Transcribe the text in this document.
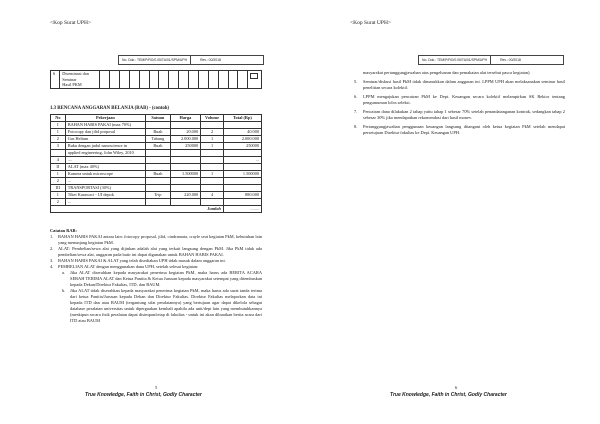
<Kop Surat UPH>
No. Dok.: TEM/P/RO/0.05/TA/01/SPM/UPH	Rev.: 00/2018
6	Diseminasi dan Seminar
Hasil PKM

1.3 RENCANA ANGGARAN BELANJA (RAB) - (contoh)
No	Pekerjaan	Satuan	Harga	Volume	Total (Rp)
I	BAHAN HABIS PAKAI (max 70%)				
1	Fotocopy dan jilid proposal	Buah	20.000	2	40.000
2	Gas Helium	Tabung	2.000.000	1	2.000.000
3	Buku dengan judul nanoscience in	Buah	250000	1	250000
	applied engineering, John Wiley, 2010				
4	....				...
II	ALAT (max 40%)				
1	Kamera untuk microscope	Buah	1.500000	1	1.500000
2	...				
III	TRANSPORTASI (30%)				
1	Tiket Karawaci - UI depok	Trip	220.000	4	880.000
2	...				
Jumlah					........

Catatan RAB:

1.	BAHAN HABIS PAKAI antara lain: fotocopy proposal, jilid, cindramata, crayle seat kegiatan PkM, kebutuhan lain yang menunjang kegiatan PkM.
2.	ALAT: Pembelian/sewa alat yang dijinkan adalah alat yang terkait langsung dengan PkM. Jika PkM tidak ada pembelian/sewa alat, anggaran pada butir ini dapat digunakan untuk BAHAN HABIS PAKAI.
3.	BAHAN HABIS PAKAI & ALAT yang telah disediakan UPH tidak masuk dalam anggaran ini.
4.	PEMBELIAN ALAT dengan menggunakan dana UPH, setelah selesai kegiatan:
a.	Jika ALAT diserahkan kepada masyarakat penerima kegiatan PkM, maka harus ada BERITA ACARA SERAH TERIMA ALAT dan Ketua Panitia & Ketua Jurusan kepada masyarakat setempat yang ditembuskan kepada Dekan/Direktur Fakultas, ITD, dan BAUM.
b.	Jika ALAT tidak diserahkan kepada masyarakat penerima kegiatan PkM, maka harus ada surat tanda terima dari ketua Panitia/Jurusan kepada Dekan dan Direktur Fakultas. Direktur Fakultas melaporkan data ini kepada ITD dan atau BAUM (tergantung sifat peralatannya) yang bertujuan agar dapat dikelola sebagai database peralatan universitas untuk diperguakan kembali apabila ada unit/dept lain yang membutuhkannya (meskipun secara fisik peralatan dapat disimpan/tetap di fakultas - untuk ini akan dibuatkan berita acara dari ITD atau BAUM
5
True Knowledge, Faith in Christ, Godly Character
<Kop Surat UPH>
No. Dok.: TEM/P/RO/0.05/TA/01/SPM/UPH	Rev.: 00/2018
masyarakat pertanggungjawaban atas pengeluaran dan pemakaian alat tersebut pasca kegiatan).
5. Seminar/diskusi hasil PkM tidak dimasukkan dalam anggaran ini. LPPM UPH akan melaksanakan seminar hasil penelitian secara kolektif.
6. LPPM mengajukan pencairan PkM ke Dept. Keuangan secara kolektif melampirkan SK Rektor tentang pengumuman lolos seleksi.
7. Pencairan dana dilakukan 2 tahap yaitu tahap 1 sebesar 70% setelah penandatanganan kontrak, sedangkan tahap 2 sebesar 30% jika mendapatkan rekomendasi dari hasil monev.
8. Pertanggungjawaban penggunaan keuangan langsung ditangani oleh ketua kegiatan PkM setelah mendapat persetujuan Direktur fakultas ke Dept. Keuangan UPH.
6
True Knowledge, Faith in Christ, Godly Character
